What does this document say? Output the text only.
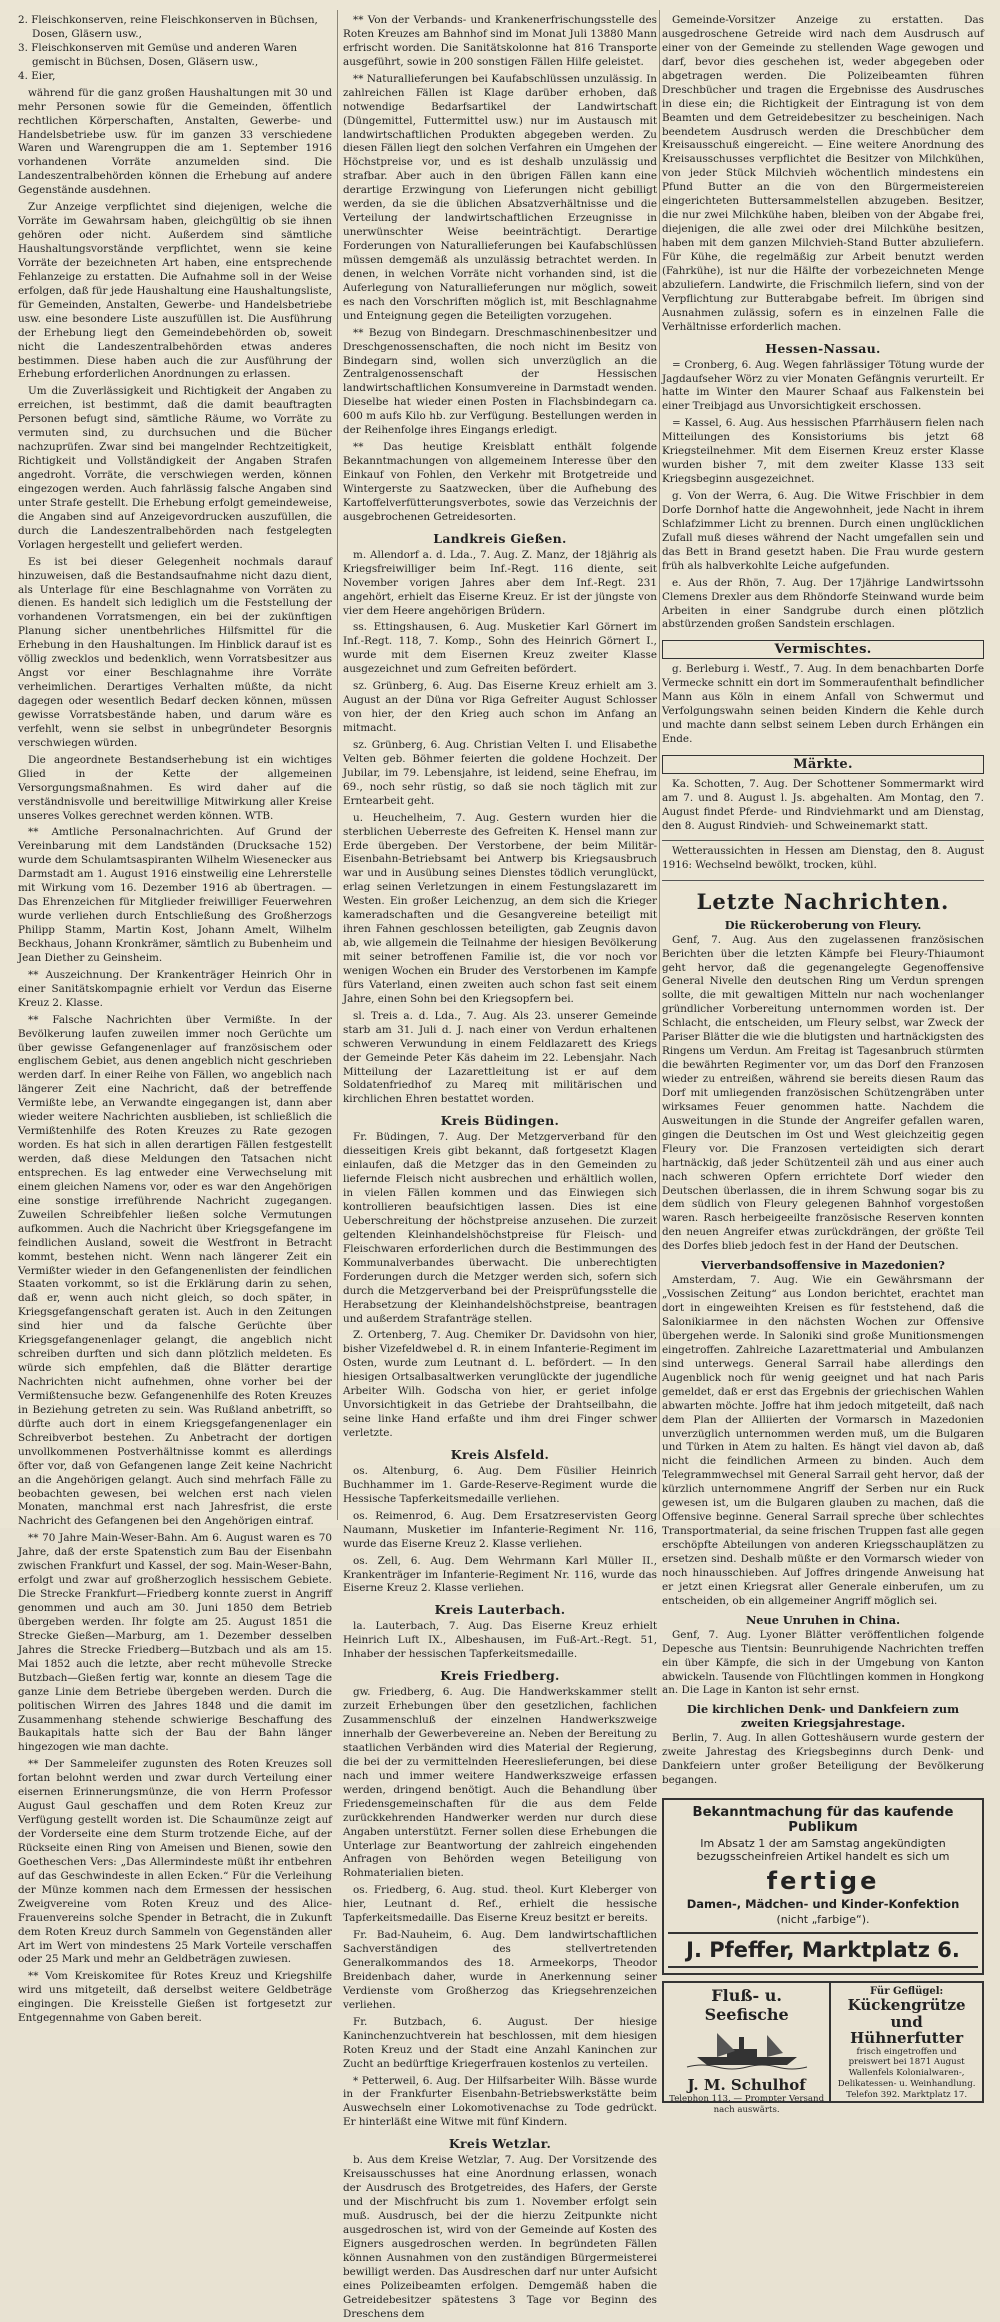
2. Fleischkonserven, reine Fleischkonserven in Büchsen, Dosen, Gläsern usw.,
3. Fleischkonserven mit Gemüse und anderen Waren gemischt in Büchsen, Dosen, Gläsern usw.,
4. Eier,

während für die ganz großen Haushaltungen mit 30 und mehr Personen sowie für die Gemeinden, öffentlich rechtlichen Körperschaften, Anstalten, Gewerbe- und Handelsbetriebe usw. für im ganzen 33 verschiedene Waren und Warengruppen die am 1. September 1916 vorhandenen Vorräte anzumelden sind. Die Landeszentralbehörden können die Erhebung auf andere Gegenstände ausdehnen.

Zur Anzeige verpflichtet sind diejenigen, welche die Vorräte im Gewahrsam haben, gleichgültig ob sie ihnen gehören oder nicht. Außerdem sind sämtliche Haushaltungsvorstände verpflichtet, wenn sie keine Vorräte der bezeichneten Art haben, eine entsprechende Fehlanzeige zu erstatten. Die Aufnahme soll in der Weise erfolgen, daß für jede Haushaltung eine Haushaltungsliste, für Gemeinden, Anstalten, Gewerbe- und Handelsbetriebe usw. eine besondere Liste auszufüllen ist. Die Ausführung der Erhebung liegt den Gemeindebehörden ob, soweit nicht die Landeszentralbehörden etwas anderes bestimmen. Diese haben auch die zur Ausführung der Erhebung erforderlichen Anordnungen zu erlassen.

Um die Zuverlässigkeit und Richtigkeit der Angaben zu erreichen, ist bestimmt, daß die damit beauftragten Personen befugt sind, sämtliche Räume, wo Vorräte zu vermuten sind, zu durchsuchen und die Bücher nachzuprüfen. Zwar sind bei mangelnder Rechtzeitigkeit, Richtigkeit und Vollständigkeit der Angaben Strafen angedroht. Vorräte, die verschwiegen werden, können eingezogen werden. Auch fahrlässig falsche Angaben sind unter Strafe gestellt. Die Erhebung erfolgt gemeindeweise, die Angaben sind auf Anzeigevordrucken auszufüllen, die durch die Landeszentralbehörden nach festgelegten Vorlagen hergestellt und geliefert werden.

Es ist bei dieser Gelegenheit nochmals darauf hinzuweisen, daß die Bestandsaufnahme nicht dazu dient, als Unterlage für eine Beschlagnahme von Vorräten zu dienen. Es handelt sich lediglich um die Feststellung der vorhandenen Vorratsmengen, ein bei der zukünftigen Planung sicher unentbehrliches Hilfsmittel für die Erhebung in den Haushaltungen. Im Hinblick darauf ist es völlig zwecklos und bedenklich, wenn Vorratsbesitzer aus Angst vor einer Beschlagnahme ihre Vorräte verheimlichen. Derartiges Verhalten müßte, da nicht dagegen oder wesentlich Bedarf decken können, müssen gewisse Vorratsbestände haben, und darum wäre es verfehlt, wenn sie selbst in unbegründeter Besorgnis verschwiegen würden.

Die angeordnete Bestandserhebung ist ein wichtiges Glied in der Kette der allgemeinen Versorgungsmaßnahmen. Es wird daher auf die verständnisvolle und bereitwillige Mitwirkung aller Kreise unseres Volkes gerechnet werden können. WTB.

** Amtliche Personalnachrichten. Auf Grund der Vereinbarung mit dem Landständen (Drucksache 152) wurde dem Schulamtsaspiranten Wilhelm Wiesenecker aus Darmstadt am 1. August 1916 einstweilig eine Lehrerstelle mit Wirkung vom 16. Dezember 1916 ab übertragen. — Das Ehrenzeichen für Mitglieder freiwilliger Feuerwehren wurde verliehen durch Entschließung des Großherzogs Philipp Stamm, Martin Kost, Johann Amelt, Wilhelm Beckhaus, Johann Kronkrämer, sämtlich zu Bubenheim und Jean Diether zu Geinsheim.

** Auszeichnung. Der Krankenträger Heinrich Ohr in einer Sanitätskompagnie erhielt vor Verdun das Eiserne Kreuz 2. Klasse.

** Falsche Nachrichten über Vermißte. In der Bevölkerung laufen zuweilen immer noch Gerüchte um über gewisse Gefangenenlager auf französischem oder englischem Gebiet, aus denen angeblich nicht geschrieben werden darf. In einer Reihe von Fällen, wo angeblich nach längerer Zeit eine Nachricht, daß der betreffende Vermißte lebe, an Verwandte eingegangen ist, dann aber wieder weitere Nachrichten ausblieben, ist schließlich die Vermißtenhilfe des Roten Kreuzes zu Rate gezogen worden. Es hat sich in allen derartigen Fällen festgestellt werden, daß diese Meldungen den Tatsachen nicht entsprechen. Es lag entweder eine Verwechselung mit einem gleichen Namens vor, oder es war den Angehörigen eine sonstige irreführende Nachricht zugegangen. Zuweilen Schreibfehler ließen solche Vermutungen aufkommen. Auch die Nachricht über Kriegsgefangene im feindlichen Ausland, soweit die Westfront in Betracht kommt, bestehen nicht. Wenn nach längerer Zeit ein Vermißter wieder in den Gefangenenlisten der feindlichen Staaten vorkommt, so ist die Erklärung darin zu sehen, daß er, wenn auch nicht gleich, so doch später, in Kriegsgefangenschaft geraten ist. Auch in den Zeitungen sind hier und da falsche Gerüchte über Kriegsgefangenenlager gelangt, die angeblich nicht schreiben durften und sich dann plötzlich meldeten. Es würde sich empfehlen, daß die Blätter derartige Nachrichten nicht aufnehmen, ohne vorher bei der Vermißtensuche bezw. Gefangenenhilfe des Roten Kreuzes in Beziehung getreten zu sein. Was Rußland anbetrifft, so dürfte auch dort in einem Kriegsgefangenenlager ein Schreibverbot bestehen. Zu Anbetracht der dortigen unvollkommenen Postverhältnisse kommt es allerdings öfter vor, daß von Gefangenen lange Zeit keine Nachricht an die Angehörigen gelangt. Auch sind mehrfach Fälle zu beobachten gewesen, bei welchen erst nach vielen Monaten, manchmal erst nach Jahresfrist, die erste Nachricht des Gefangenen bei den Angehörigen eintraf.

** 70 Jahre Main-Weser-Bahn. Am 6. August waren es 70 Jahre, daß der erste Spatenstich zum Bau der Eisenbahn zwischen Frankfurt und Kassel, der sog. Main-Weser-Bahn, erfolgt und zwar auf großherzoglich hessischem Gebiete. Die Strecke Frankfurt—Friedberg konnte zuerst in Angriff genommen und auch am 30. Juni 1850 dem Betrieb übergeben werden. Ihr folgte am 25. August 1851 die Strecke Gießen—Marburg, am 1. Dezember desselben Jahres die Strecke Friedberg—Butzbach und als am 15. Mai 1852 auch die letzte, aber recht mühevolle Strecke Butzbach—Gießen fertig war, konnte an diesem Tage die ganze Linie dem Betriebe übergeben werden. Durch die politischen Wirren des Jahres 1848 und die damit im Zusammenhang stehende schwierige Beschaffung des Baukapitals hatte sich der Bau der Bahn länger hingezogen wie man dachte.

** Der Sammeleifer zugunsten des Roten Kreuzes soll fortan belohnt werden und zwar durch Verteilung einer eisernen Erinnerungsmünze, die von Herrn Professor August Gaul geschaffen und dem Roten Kreuz zur Verfügung gestellt worden ist. Die Schaumünze zeigt auf der Vorderseite eine dem Sturm trotzende Eiche, auf der Rückseite einen Ring von Ameisen und Bienen, sowie den Goetheschen Vers: „Das Allermindeste müßt ihr entbehren auf das Geschwindeste in allen Ecken.“ Für die Verleihung der Münze kommen nach dem Ermessen der hessischen Zweigvereine vom Roten Kreuz und des Alice-Frauenvereins solche Spender in Betracht, die in Zukunft dem Roten Kreuz durch Sammeln von Gegenständen aller Art im Wert von mindestens 25 Mark Vorteile verschaffen oder 25 Mark und mehr an Geldbeträgen zuwiesen.

** Vom Kreiskomitee für Rotes Kreuz und Kriegshilfe wird uns mitgeteilt, daß derselbst weitere Geldbeträge eingingen. Die Kreisstelle Gießen ist fortgesetzt zur Entgegennahme von Gaben bereit.

** Von der Verbands- und Krankenerfrischungsstelle des Roten Kreuzes am Bahnhof sind im Monat Juli 13880 Mann erfrischt worden. Die Sanitätskolonne hat 816 Transporte ausgeführt, sowie in 200 sonstigen Fällen Hilfe geleistet.

** Naturallieferungen bei Kaufabschlüssen unzulässig. In zahlreichen Fällen ist Klage darüber erhoben, daß notwendige Bedarfsartikel der Landwirtschaft (Düngemittel, Futtermittel usw.) nur im Austausch mit landwirtschaftlichen Produkten abgegeben werden. Zu diesen Fällen liegt den solchen Verfahren ein Umgehen der Höchstpreise vor, und es ist deshalb unzulässig und strafbar. Aber auch in den übrigen Fällen kann eine derartige Erzwingung von Lieferungen nicht gebilligt werden, da sie die üblichen Absatzverhältnisse und die Verteilung der landwirtschaftlichen Erzeugnisse in unerwünschter Weise beeinträchtigt. Derartige Forderungen von Naturallieferungen bei Kaufabschlüssen müssen demgemäß als unzulässig betrachtet werden. In denen, in welchen Vorräte nicht vorhanden sind, ist die Auferlegung von Naturallieferungen nur möglich, soweit es nach den Vorschriften möglich ist, mit Beschlagnahme und Enteignung gegen die Beteiligten vorzugehen.

** Bezug von Bindegarn. Dreschmaschinenbesitzer und Dreschgenossenschaften, die noch nicht im Besitz von Bindegarn sind, wollen sich unverzüglich an die Zentralgenossenschaft der Hessischen landwirtschaftlichen Konsumvereine in Darmstadt wenden. Dieselbe hat wieder einen Posten in Flachsbindegarn ca. 600 m aufs Kilo hb. zur Verfügung. Bestellungen werden in der Reihenfolge ihres Eingangs erledigt.

** Das heutige Kreisblatt enthält folgende Bekanntmachungen von allgemeinem Interesse über den Einkauf von Fohlen, den Verkehr mit Brotgetreide und Wintergerste zu Saatzwecken, über die Aufhebung des Kartoffelverfütterungsverbotes, sowie das Verzeichnis der ausgebrochenen Getreidesorten.

Landkreis Gießen.

m. Allendorf a. d. Lda., 7. Aug. Z. Manz, der 18jährig als Kriegsfreiwilliger beim Inf.-Regt. 116 diente, seit November vorigen Jahres aber dem Inf.-Regt. 231 angehört, erhielt das Eiserne Kreuz. Er ist der jüngste von vier dem Heere angehörigen Brüdern.

ss. Ettingshausen, 6. Aug. Musketier Karl Görnert im Inf.-Regt. 118, 7. Komp., Sohn des Heinrich Görnert I., wurde mit dem Eisernen Kreuz zweiter Klasse ausgezeichnet und zum Gefreiten befördert.

sz. Grünberg, 6. Aug. Das Eiserne Kreuz erhielt am 3. August an der Düna vor Riga Gefreiter August Schlosser von hier, der den Krieg auch schon im Anfang an mitmacht.

sz. Grünberg, 6. Aug. Christian Velten I. und Elisabethe Velten geb. Böhmer feierten die goldene Hochzeit. Der Jubilar, im 79. Lebensjahre, ist leidend, seine Ehefrau, im 69., noch sehr rüstig, so daß sie noch täglich mit zur Erntearbeit geht.

u. Heuchelheim, 7. Aug. Gestern wurden hier die sterblichen Ueberreste des Gefreiten K. Hensel mann zur Erde übergeben. Der Verstorbene, der beim Militär-Eisenbahn-Betriebsamt bei Antwerp bis Kriegsausbruch war und in Ausübung seines Dienstes tödlich verunglückt, erlag seinen Verletzungen in einem Festungslazarett im Westen. Ein großer Leichenzug, an dem sich die Krieger kameradschaften und die Gesangvereine beteiligt mit ihren Fahnen geschlossen beteiligten, gab Zeugnis davon ab, wie allgemein die Teilnahme der hiesigen Bevölkerung mit seiner betroffenen Familie ist, die vor noch vor wenigen Wochen ein Bruder des Verstorbenen im Kampfe fürs Vaterland, einen zweiten auch schon fast seit einem Jahre, einen Sohn bei den Kriegsopfern bei.

sl. Treis a. d. Lda., 7. Aug. Als 23. unserer Gemeinde starb am 31. Juli d. J. nach einer von Verdun erhaltenen schweren Verwundung in einem Feldlazarett des Kriegs der Gemeinde Peter Käs daheim im 22. Lebensjahr. Nach Mitteilung der Lazarettleitung ist er auf dem Soldatenfriedhof zu Mareq mit militärischen und kirchlichen Ehren bestattet worden.

Kreis Büdingen.

Fr. Büdingen, 7. Aug. Der Metzgerverband für den diesseitigen Kreis gibt bekannt, daß fortgesetzt Klagen einlaufen, daß die Metzger das in den Gemeinden zu liefernde Fleisch nicht ausbrechen und erhältlich wollen, in vielen Fällen kommen und das Einwiegen sich kontrollieren beaufsichtigen lassen. Dies ist eine Ueberschreitung der höchstpreise anzusehen. Die zurzeit geltenden Kleinhandelshöchstpreise für Fleisch- und Fleischwaren erforderlichen durch die Bestimmungen des Kommunalverbandes überwacht. Die unberechtigten Forderungen durch die Metzger werden sich, sofern sich durch die Metzgerverband bei der Preisprüfungsstelle die Herabsetzung der Kleinhandelshöchstpreise, beantragen und außerdem Strafanträge stellen.

Z. Ortenberg, 7. Aug. Chemiker Dr. Davidsohn von hier, bisher Vizefeldwebel d. R. in einem Infanterie-Regiment im Osten, wurde zum Leutnant d. L. befördert. — In den hiesigen Ortsalbasaltwerken verunglückte der jugendliche Arbeiter Wilh. Godscha von hier, er geriet infolge Unvorsichtigkeit in das Getriebe der Drahtseilbahn, die seine linke Hand erfaßte und ihm drei Finger schwer verletzte.

Kreis Alsfeld.

os. Altenburg, 6. Aug. Dem Füsilier Heinrich Buchhammer im 1. Garde-Reserve-Regiment wurde die Hessische Tapferkeitsmedaille verliehen.

os. Reimenrod, 6. Aug. Dem Ersatzreservisten Georg Naumann, Musketier im Infanterie-Regiment Nr. 116, wurde das Eiserne Kreuz 2. Klasse verliehen.

os. Zell, 6. Aug. Dem Wehrmann Karl Müller II., Krankenträger im Infanterie-Regiment Nr. 116, wurde das Eiserne Kreuz 2. Klasse verliehen.

Kreis Lauterbach.

la. Lauterbach, 7. Aug. Das Eiserne Kreuz erhielt Heinrich Luft IX., Albeshausen, im Fuß-Art.-Regt. 51, Inhaber der hessischen Tapferkeitsmedaille.

Kreis Friedberg.

gw. Friedberg, 6. Aug. Die Handwerkskammer stellt zurzeit Erhebungen über den gesetzlichen, fachlichen Zusammenschluß der einzelnen Handwerkszweige innerhalb der Gewerbevereine an. Neben der Bereitung zu staatlichen Verbänden wird dies Material der Regierung, die bei der zu vermittelnden Heereslieferungen, bei diese nach und immer weitere Handwerkszweige erfassen werden, dringend benötigt. Auch die Behandlung über Friedensgemeinschaften für die aus dem Felde zurückkehrenden Handwerker werden nur durch diese Angaben unterstützt. Ferner sollen diese Erhebungen die Unterlage zur Beantwortung der zahlreich eingehenden Anfragen von Behörden wegen Beteiligung von Rohmaterialien bieten.

os. Friedberg, 6. Aug. stud. theol. Kurt Kleberger von hier, Leutnant d. Ref., erhielt die hessische Tapferkeitsmedaille. Das Eiserne Kreuz besitzt er bereits.

Fr. Bad-Nauheim, 6. Aug. Dem landwirtschaftlichen Sachverständigen des stellvertretenden Generalkommandos des 18. Armeekorps, Theodor Breidenbach daher, wurde in Anerkennung seiner Verdienste vom Großherzog das Kriegsehrenzeichen verliehen.

Fr. Butzbach, 6. August. Der hiesige Kaninchenzuchtverein hat beschlossen, mit dem hiesigen Roten Kreuz und der Stadt eine Anzahl Kaninchen zur Zucht an bedürftige Kriegerfrauen kostenlos zu verteilen.

* Petterweil, 6. Aug. Der Hilfsarbeiter Wilh. Bässe wurde in der Frankfurter Eisenbahn-Betriebswerkstätte beim Auswechseln einer Lokomotivenachse zu Tode gedrückt. Er hinterläßt eine Witwe mit fünf Kindern.

Kreis Wetzlar.

b. Aus dem Kreise Wetzlar, 7. Aug. Der Vorsitzende des Kreisausschusses hat eine Anordnung erlassen, wonach der Ausdrusch des Brotgetreides, des Hafers, der Gerste und der Mischfrucht bis zum 1. November erfolgt sein muß. Ausdrusch, bei der die hierzu Zeitpunkte nicht ausgedroschen ist, wird von der Gemeinde auf Kosten des Eigners ausgedroschen werden. In begründeten Fällen können Ausnahmen von den zuständigen Bürgermeisterei bewilligt werden. Das Ausdreschen darf nur unter Aufsicht eines Polizeibeamten erfolgen. Demgemäß haben die Getreidebesitzer spätestens 3 Tage vor Beginn des Dreschens dem

Gemeinde-Vorsitzer Anzeige zu erstatten. Das ausgedroschene Getreide wird nach dem Ausdrusch auf einer von der Gemeinde zu stellenden Wage gewogen und darf, bevor dies geschehen ist, weder abgegeben oder abgetragen werden. Die Polizeibeamten führen Dreschbücher und tragen die Ergebnisse des Ausdrusches in diese ein; die Richtigkeit der Eintragung ist von dem Beamten und dem Getreidebesitzer zu bescheinigen. Nach beendetem Ausdrusch werden die Dreschbücher dem Kreisausschuß eingereicht. — Eine weitere Anordnung des Kreisausschusses verpflichtet die Besitzer von Milchkühen, von jeder Stück Milchvieh wöchentlich mindestens ein Pfund Butter an die von den Bürgermeistereien eingerichteten Buttersammelstellen abzugeben. Besitzer, die nur zwei Milchkühe haben, bleiben von der Abgabe frei, diejenigen, die alle zwei oder drei Milchkühe besitzen, haben mit dem ganzen Milchvieh-Stand Butter abzuliefern. Für Kühe, die regelmäßig zur Arbeit benutzt werden (Fahrkühe), ist nur die Hälfte der vorbezeichneten Menge abzuliefern. Landwirte, die Frischmilch liefern, sind von der Verpflichtung zur Butterabgabe befreit. Im übrigen sind Ausnahmen zulässig, sofern es in einzelnen Falle die Verhältnisse erforderlich machen.

Hessen-Nassau.

= Cronberg, 6. Aug. Wegen fahrlässiger Tötung wurde der Jagdaufseher Wörz zu vier Monaten Gefängnis verurteilt. Er hatte im Winter den Maurer Schaaf aus Falkenstein bei einer Treibjagd aus Unvorsichtigkeit erschossen.

= Kassel, 6. Aug. Aus hessischen Pfarrhäusern fielen nach Mitteilungen des Konsistoriums bis jetzt 68 Kriegsteilnehmer. Mit dem Eisernen Kreuz erster Klasse wurden bisher 7, mit dem zweiter Klasse 133 seit Kriegsbeginn ausgezeichnet.

g. Von der Werra, 6. Aug. Die Witwe Frischbier in dem Dorfe Dornhof hatte die Angewohnheit, jede Nacht in ihrem Schlafzimmer Licht zu brennen. Durch einen unglücklichen Zufall muß dieses während der Nacht umgefallen sein und das Bett in Brand gesetzt haben. Die Frau wurde gestern früh als halbverkohlte Leiche aufgefunden.

e. Aus der Rhön, 7. Aug. Der 17jährige Landwirtssohn Clemens Drexler aus dem Rhöndorfe Steinwand wurde beim Arbeiten in einer Sandgrube durch einen plötzlich abstürzenden großen Sandstein erschlagen.

Vermischtes.

g. Berleburg i. Westf., 7. Aug. In dem benachbarten Dorfe Vermecke schnitt ein dort im Sommeraufenthalt befindlicher Mann aus Köln in einem Anfall von Schwermut und Verfolgungswahn seinen beiden Kindern die Kehle durch und machte dann selbst seinem Leben durch Erhängen ein Ende.

Märkte.

Ka. Schotten, 7. Aug. Der Schottener Sommermarkt wird am 7. und 8. August l. Js. abgehalten. Am Montag, den 7. August findet Pferde- und Rindviehmarkt und am Dienstag, den 8. August Rindvieh- und Schweinemarkt statt.

Wetteraussichten in Hessen am Dienstag, den 8. August 1916: Wechselnd bewölkt, trocken, kühl.

Letzte Nachrichten.
Die Rückeroberung von Fleury.

Genf, 7. Aug. Aus den zugelassenen französischen Berichten über die letzten Kämpfe bei Fleury-Thiaumont geht hervor, daß die gegenangelegte Gegenoffensive General Nivelle den deutschen Ring um Verdun sprengen sollte, die mit gewaltigen Mitteln nur nach wochenlanger gründlicher Vorbereitung unternommen worden ist. Der Schlacht, die entscheiden, um Fleury selbst, war Zweck der Pariser Blätter die wie die blutigsten und hartnäckigsten des Ringens um Verdun. Am Freitag ist Tagesanbruch stürmten die bewährten Regimenter vor, um das Dorf den Franzosen wieder zu entreißen, während sie bereits diesen Raum das Dorf mit umliegenden französischen Schützengräben unter wirksames Feuer genommen hatte. Nachdem die Ausweitungen in die Stunde der Angreifer gefallen waren, gingen die Deutschen im Ost und West gleichzeitig gegen Fleury vor. Die Franzosen verteidigten sich derart hartnäckig, daß jeder Schützenteil zäh und aus einer auch nach schweren Opfern errichtete Dorf wieder den Deutschen überlassen, die in ihrem Schwung sogar bis zu dem südlich von Fleury gelegenen Bahnhof vorgestoßen waren. Rasch herbeigeeilte französische Reserven konnten den neuen Angreifer etwas zurückdrängen, der größte Teil des Dorfes blieb jedoch fest in der Hand der Deutschen.

Vierverbandsoffensive in Mazedonien?

Amsterdam, 7. Aug. Wie ein Gewährsmann der „Vossischen Zeitung“ aus London berichtet, erachtet man dort in eingeweihten Kreisen es für feststehend, daß die Salonikiarmee in den nächsten Wochen zur Offensive übergehen werde. In Saloniki sind große Munitionsmengen eingetroffen. Zahlreiche Lazarettmaterial und Ambulanzen sind unterwegs. General Sarrail habe allerdings den Augenblick noch für wenig geeignet und hat nach Paris gemeldet, daß er erst das Ergebnis der griechischen Wahlen abwarten möchte. Joffre hat ihm jedoch mitgeteilt, daß nach dem Plan der Alliierten der Vormarsch in Mazedonien unverzüglich unternommen werden muß, um die Bulgaren und Türken in Atem zu halten. Es hängt viel davon ab, daß nicht die feindlichen Armeen zu binden. Auch dem Telegrammwechsel mit General Sarrail geht hervor, daß der kürzlich unternommene Angriff der Serben nur ein Ruck gewesen ist, um die Bulgaren glauben zu machen, daß die Offensive beginne. General Sarrail spreche über schlechtes Transportmaterial, da seine frischen Truppen fast alle gegen erschöpfte Abteilungen von anderen Kriegsschauplätzen zu ersetzen sind. Deshalb müßte er den Vormarsch wieder von noch hinausschieben. Auf Joffres dringende Anweisung hat er jetzt einen Kriegsrat aller Generale einberufen, um zu entscheiden, ob ein allgemeiner Angriff möglich sei.

Neue Unruhen in China.

Genf, 7. Aug. Lyoner Blätter veröffentlichen folgende Depesche aus Tientsin: Beunruhigende Nachrichten treffen ein über Kämpfe, die sich in der Umgebung von Kanton abwickeln. Tausende von Flüchtlingen kommen in Hongkong an. Die Lage in Kanton ist sehr ernst.

Die kirchlichen Denk- und Dankfeiern zum zweiten Kriegsjahrestage.

Berlin, 7. Aug. In allen Gotteshäusern wurde gestern der zweite Jahrestag des Kriegsbeginns durch Denk- und Dankfeiern unter großer Beteiligung der Bevölkerung begangen.

Bekanntmachung für das kaufende Publikum
Im Absatz 1 der am Samstag angekündigten bezugsscheinfreien Artikel handelt es sich um
fertige
Damen-, Mädchen- und Kinder-Konfektion
(nicht „farbige“).
J. Pfeffer, Marktplatz 6.
Fluß- u. Seefische
J. M. Schulhof
Telephon 113. — Prompter Versand nach auswärts.
Für Geflügel:
Kückengrütze und
Hühnerfutter
frisch eingetroffen und preiswert bei 1871 August Wallenfels Kolonialwaren-, Delikatessen- u. Weinhandlung. Telefon 392. Marktplatz 17.
